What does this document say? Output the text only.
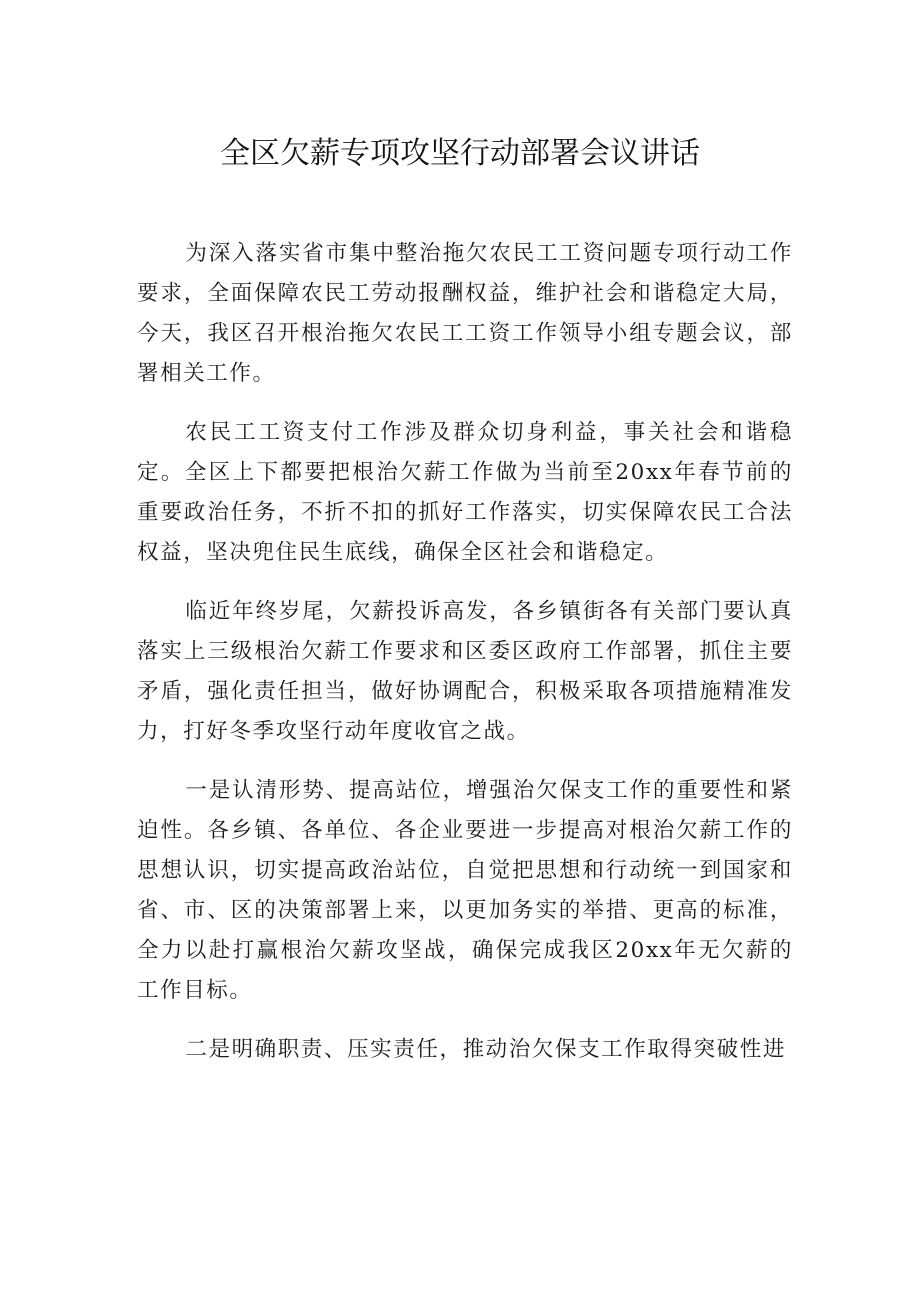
全区欠薪专项攻坚行动部署会议讲话

为深入落实省市集中整治拖欠农民工工资问题专项行动工作要求，全面保障农民工劳动报酬权益，维护社会和谐稳定大局，今天，我区召开根治拖欠农民工工资工作领导小组专题会议，部署相关工作。

农民工工资支付工作涉及群众切身利益，事关社会和谐稳定。全区上下都要把根治欠薪工作做为当前至20xx年春节前的重要政治任务，不折不扣的抓好工作落实，切实保障农民工合法权益，坚决兜住民生底线，确保全区社会和谐稳定。

临近年终岁尾，欠薪投诉高发，各乡镇街各有关部门要认真落实上三级根治欠薪工作要求和区委区政府工作部署，抓住主要矛盾，强化责任担当，做好协调配合，积极采取各项措施精准发力，打好冬季攻坚行动年度收官之战。

一是认清形势、提高站位，增强治欠保支工作的重要性和紧迫性。各乡镇、各单位、各企业要进一步提高对根治欠薪工作的思想认识，切实提高政治站位，自觉把思想和行动统一到国家和省、市、区的决策部署上来，以更加务实的举措、更高的标准，全力以赴打赢根治欠薪攻坚战，确保完成我区20xx年无欠薪的工作目标。

二是明确职责、压实责任，推动治欠保支工作取得突破性进
